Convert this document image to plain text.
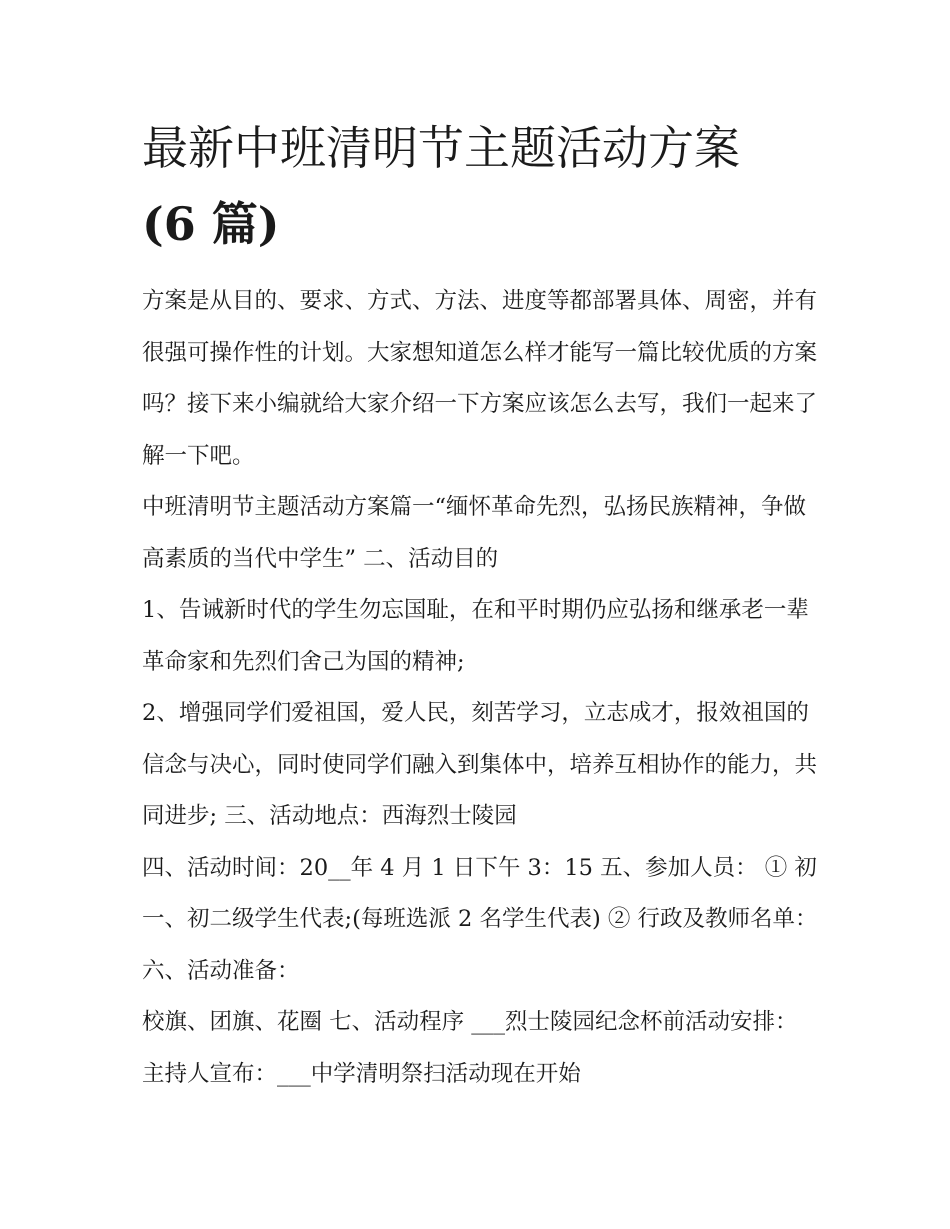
最新中班清明节主题活动方案
(6 篇)

方案是从目的、要求、方式、方法、进度等都部署具体、周密，并有很强可操作性的计划。大家想知道怎么样才能写一篇比较优质的方案吗？接下来小编就给大家介绍一下方案应该怎么去写，我们一起来了解一下吧。

中班清明节主题活动方案篇一“缅怀革命先烈，弘扬民族精神，争做高素质的当代中学生” 二、活动目的

1、告诫新时代的学生勿忘国耻，在和平时期仍应弘扬和继承老一辈革命家和先烈们舍己为国的精神;

2、增强同学们爱祖国，爱人民，刻苦学习，立志成才，报效祖国的信念与决心，同时使同学们融入到集体中，培养互相协作的能力，共同进步; 三、活动地点：西海烈士陵园

四、活动时间：20__年 4 月 1 日下午 3：15 五、参加人员： ① 初一、初二级学生代表;(每班选派 2 名学生代表) ② 行政及教师名单： 六、活动准备：

校旗、团旗、花圈 七、活动程序 ___烈士陵园纪念杯前活动安排： 主持人宣布：___中学清明祭扫活动现在开始
